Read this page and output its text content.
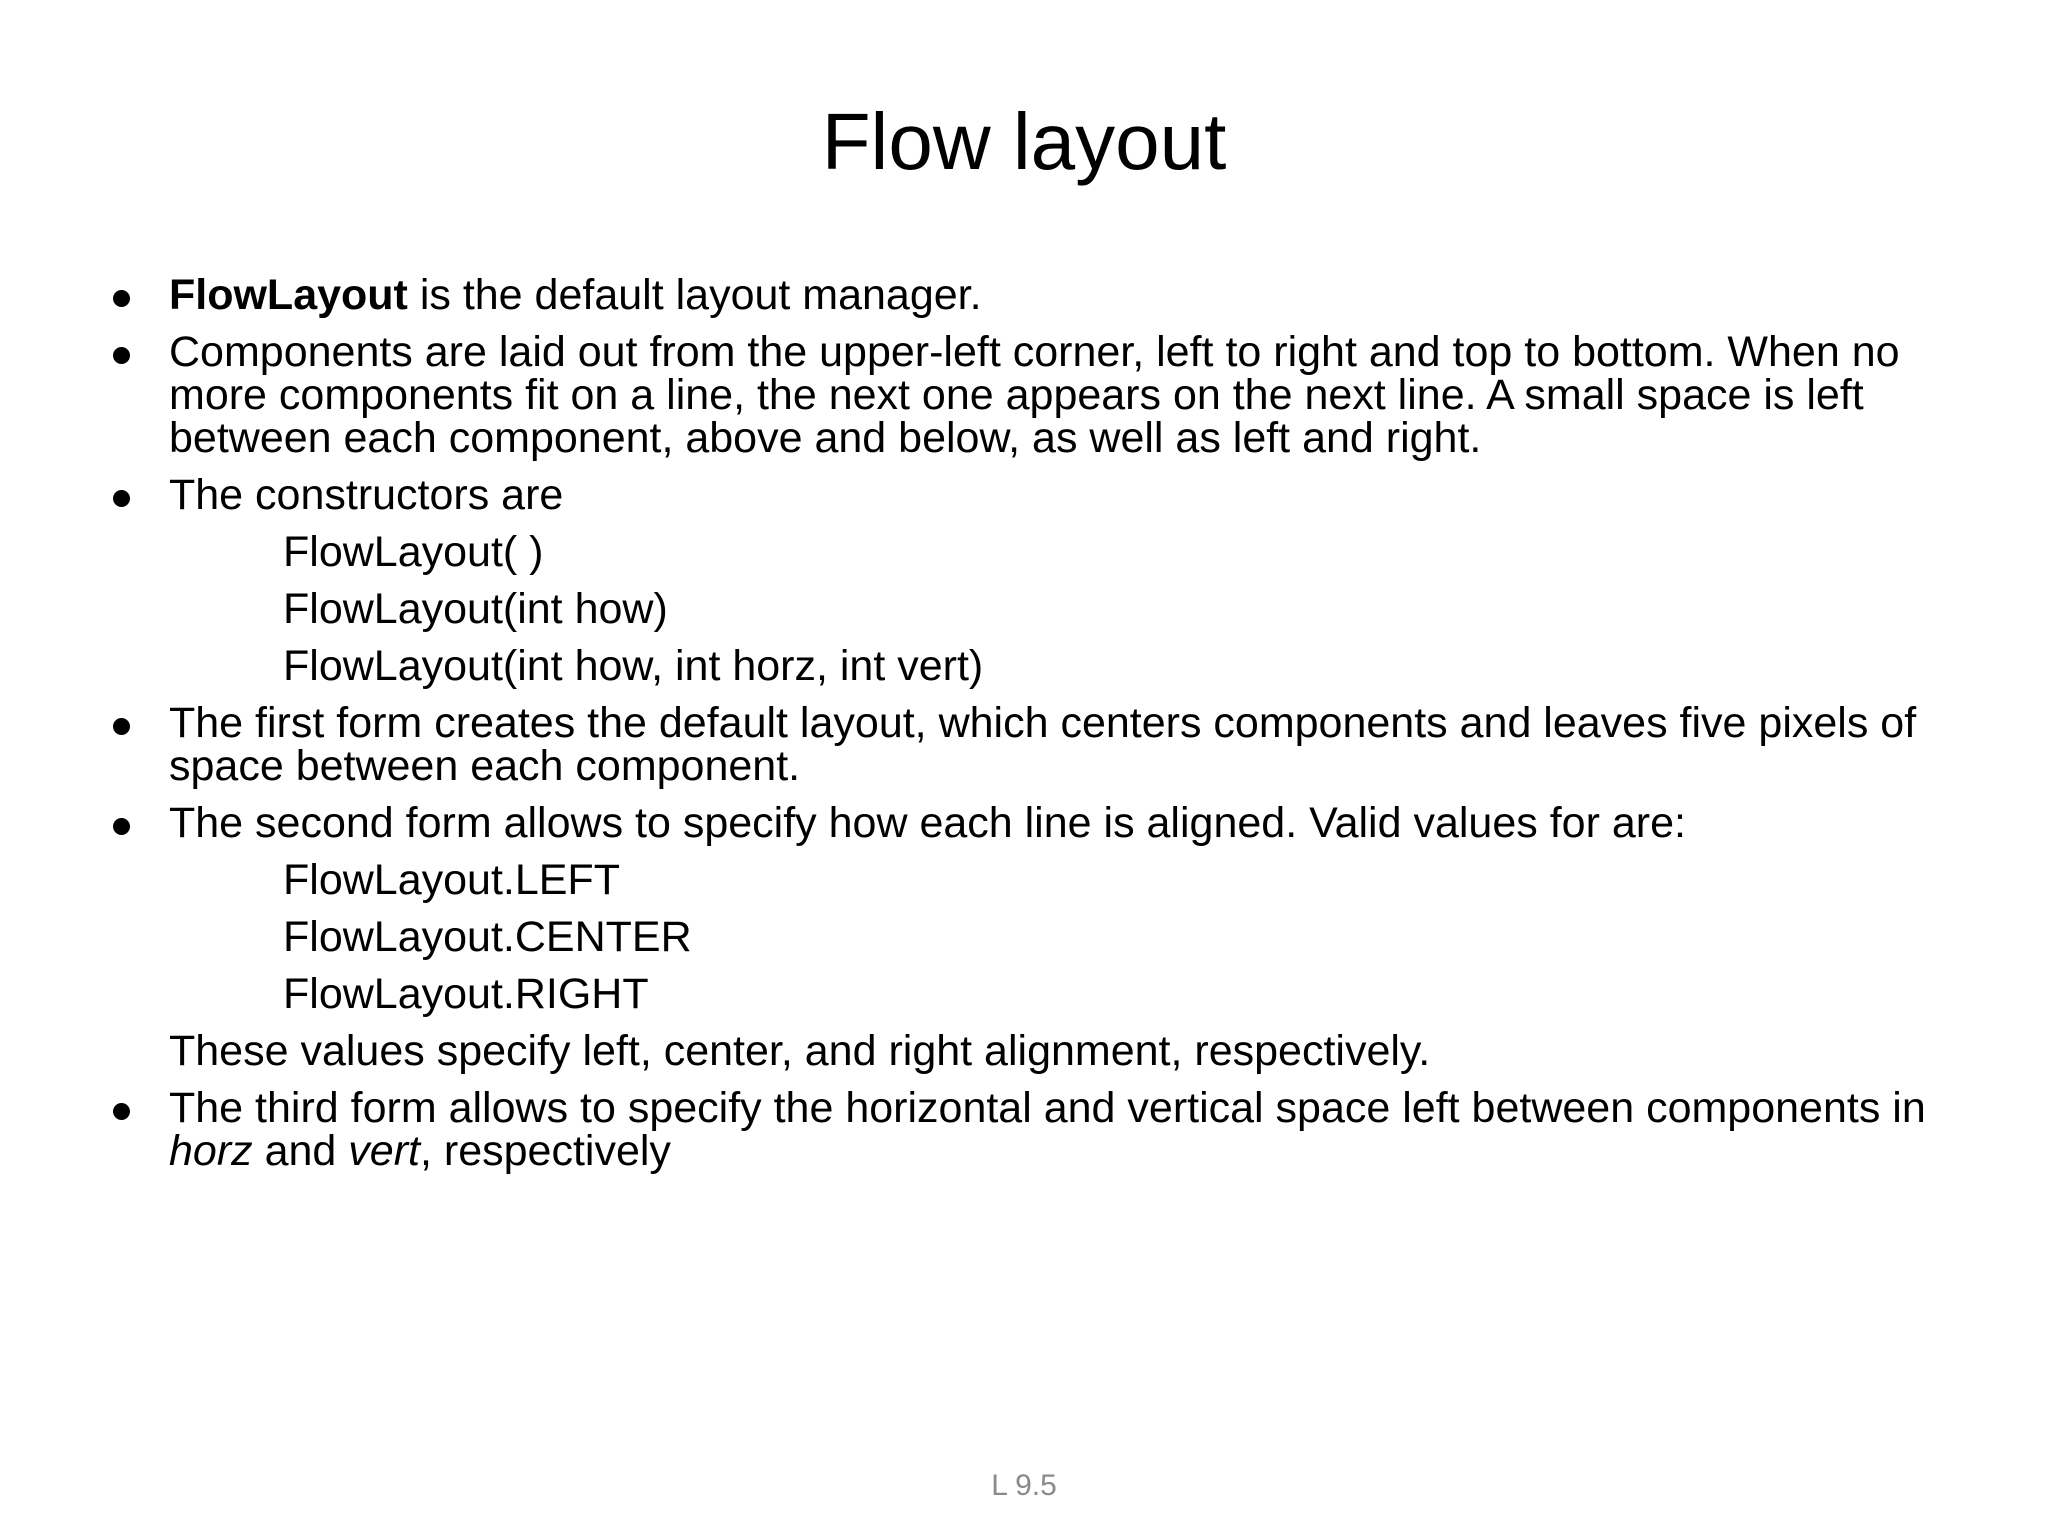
Flow layout
FlowLayout is the default layout manager.
Components are laid out from the upper-left corner, left to right and top to bottom. When no more components fit on a line, the next one appears on the next line. A small space is left between each component, above and below, as well as left and right.
The constructors are
FlowLayout( )
FlowLayout(int how)
FlowLayout(int how, int horz, int vert)
The first form creates the default layout, which centers components and leaves five pixels of space between each component.
The second form allows to specify how each line is aligned. Valid values for are:
FlowLayout.LEFT
FlowLayout.CENTER
FlowLayout.RIGHT
These values specify left, center, and right alignment, respectively.
The third form allows to specify the horizontal and vertical space left between components in horz and vert, respectively
L 9.5
